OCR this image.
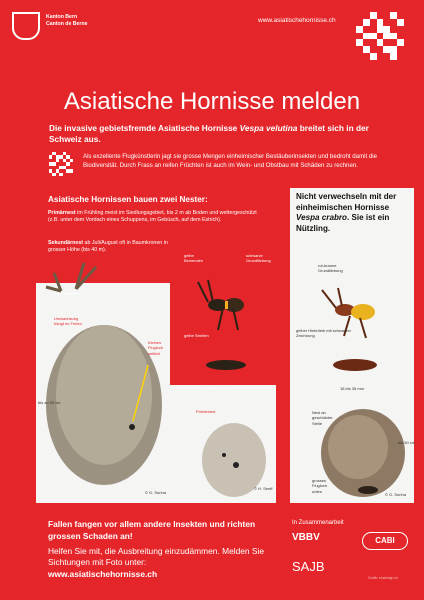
Kanton Bern
Canton de Berne	www.asiatischehornisse.ch
Asiatische Hornisse melden
Die invasive gebietsfremde Asiatische Hornisse Vespa velutina breitet sich in der Schweiz aus.
Als exzellente Flugkünstlerin jagt sie grosse Mengen einheimischer Bestäuberinsekten und bedroht damit die Biodiversität. Durch Frass an reifen Früchten ist auch im Wein- und Obstbau mit Schäden zu rechnen.
Asiatische Hornissen bauen zwei Nester:
Primärnest im Frühling meist im Siedlungsgebiet, bis 2 m ab Boden und wettergeschützt (z.B. unter dem Vordach eines Schuppens, im Gebüsch, auf dem Estrich).
Sekundärnest ab Juli/August oft in Baumkronen in grosser Höhe (bis 40 m).
Sekundärnest
Umwachsung hängt im Freien
Kleines Flugloch seitlich
bis zu 90 cm
© G. Surina
gelbe Beinenden
schwarze Grundfärbung
gelbe Streifen
17 bis 32 mm
Primärnest
© H. Senff
Nicht verwechseln mit der einheimischen Hornisse Vespa crabro. Sie ist ein Nützling.
rot-braune Grundfärbung
gelber Hinterleib mit schwarzer Zeichnung
18 bis 35 mm
Nest an geschützter Stelle
bis 50 cm
grosses Flugloch unten
© G. Surina
Fallen fangen vor allem andere Insekten und richten grossen Schaden an!
Helfen Sie mit, die Ausbreitung einzudämmen. Melden Sie Sichtungen mit Foto unter:
www.asiatischehornisse.ch
In Zusammenarbeit
VBBV	CABI
SAJB
Grafik: eindesign.ch
